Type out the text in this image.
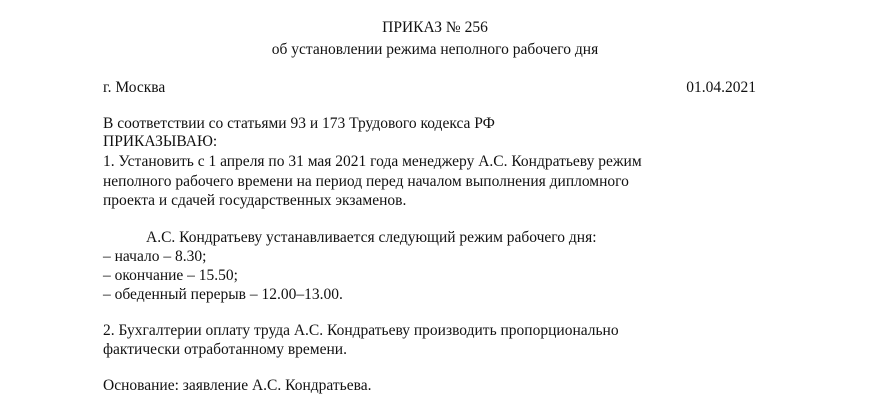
ПРИКАЗ № 256
об установлении режима неполного рабочего дня
г. Москва	01.04.2021
В соответствии со статьями 93 и 173 Трудового кодекса РФ
ПРИКАЗЫВАЮ:
1. Установить с 1 апреля по 31 мая 2021 года менеджеру А.С. Кондратьеву режим
неполного рабочего времени на период перед началом выполнения дипломного
проекта и сдачей государственных экзаменов.
А.С. Кондратьеву устанавливается следующий режим рабочего дня:
– начало – 8.30;
– окончание – 15.50;
– обеденный перерыв – 12.00–13.00.
2. Бухгалтерии оплату труда А.С. Кондратьеву производить пропорционально
фактически отработанному времени.
Основание: заявление А.С. Кондратьева.
